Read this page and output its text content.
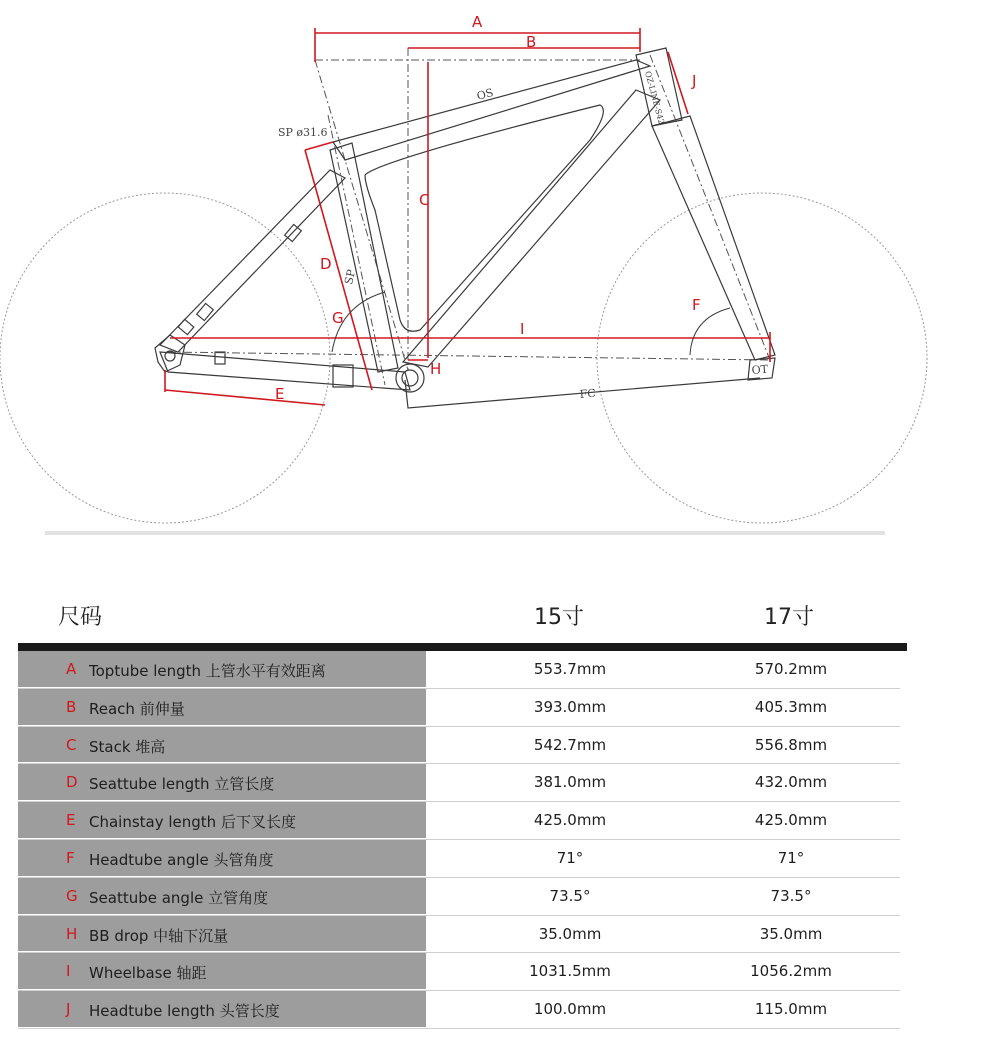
A
B
C
D
E
F
G
H
I
J
SP ø31.6
OS
SP
FC
OT
OZ-LINE-S42
尺码	15寸	17寸
A Toptube length 上管水平有效距离	553.7mm	570.2mm
B Reach 前伸量	393.0mm	405.3mm
C Stack 堆高	542.7mm	556.8mm
D Seattube length 立管长度	381.0mm	432.0mm
E Chainstay length 后下叉长度	425.0mm	425.0mm
F Headtube angle 头管角度	71°	71°
G Seattube angle 立管角度	73.5°	73.5°
H BB drop 中轴下沉量	35.0mm	35.0mm
I Wheelbase 轴距	1031.5mm	1056.2mm
J Headtube length 头管长度	100.0mm	115.0mm
